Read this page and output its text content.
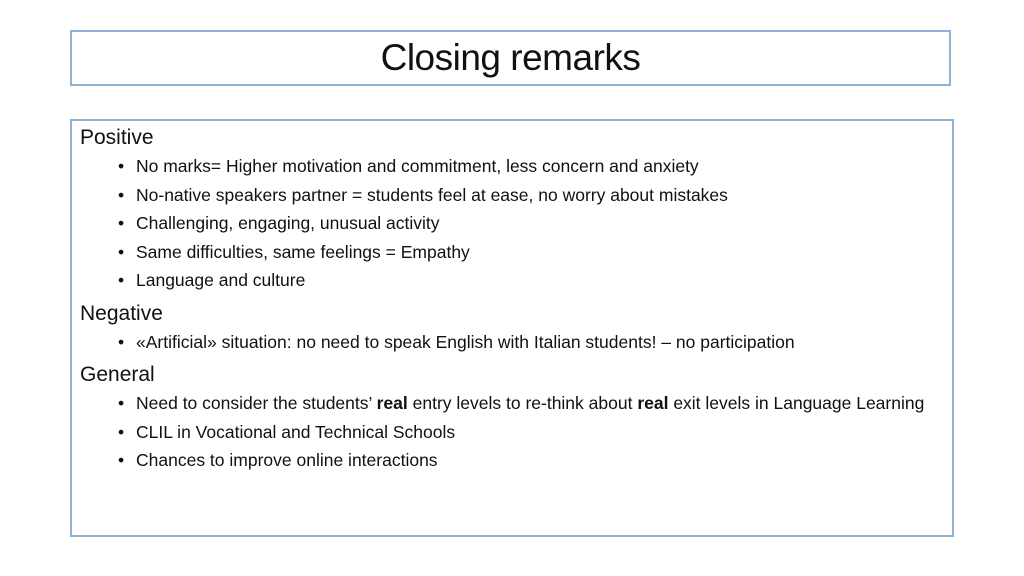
Closing remarks
Positive
• No marks= Higher motivation and commitment, less concern and anxiety
• No-native speakers partner = students feel at ease, no worry about mistakes
• Challenging, engaging, unusual activity
• Same difficulties, same feelings = Empathy
• Language and culture
Negative
• «Artificial» situation: no need to speak English with Italian students! – no participation
General
• Need to consider the students’ real entry levels to re-think about real exit levels in Language Learning
• CLIL in Vocational and Technical Schools
• Chances to improve online interactions
